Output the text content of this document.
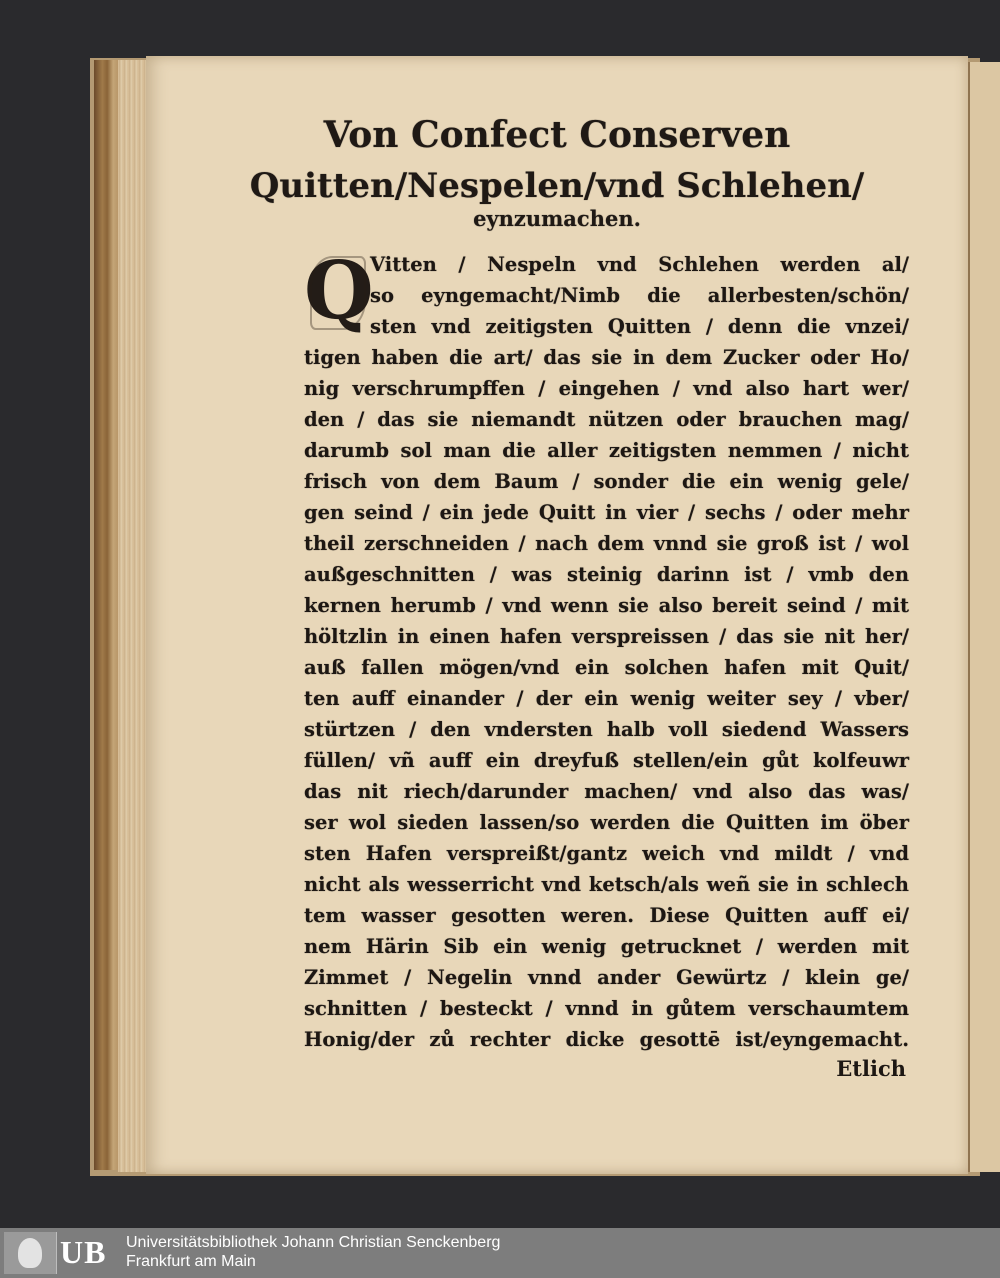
Von Confect Conserven
Quitten/Nespelen/vnd Schlehen/
eynzumachen.
Q
Vitten / Nespeln vnd Schlehen werden al/
so eyngemacht/Nimb die allerbesten/schön/
sten vnd zeitigsten Quitten / denn die vnzei/
tigen haben die art/ das sie in dem Zucker oder Ho/
nig verschrumpffen / eingehen / vnd also hart wer/
den / das sie niemandt nützen oder brauchen mag/
darumb sol man die aller zeitigsten nemmen / nicht
frisch von dem Baum / sonder die ein wenig gele/
gen seind / ein jede Quitt in vier / sechs / oder mehr
theil zerschneiden / nach dem vnnd sie groß ist / wol
außgeschnitten / was steinig darinn ist / vmb den
kernen herumb / vnd wenn sie also bereit seind / mit
höltzlin in einen hafen verspreissen / das sie nit her/
auß fallen mögen/vnd ein solchen hafen mit Quit/
ten auff einander / der ein wenig weiter sey / vber/
stürtzen / den vndersten halb voll siedend Wassers
füllen/ vñ auff ein dreyfuß stellen/ein gůt kolfeuwr
das nit riech/darunder machen/ vnd also das was/
ser wol sieden lassen/so werden die Quitten im öber
sten Hafen verspreißt/gantz weich vnd mildt / vnd
nicht als wesserricht vnd ketsch/als weñ sie in schlech
tem wasser gesotten weren. Diese Quitten auff ei/
nem Härin Sib ein wenig getrucknet / werden mit
Zimmet / Negelin vnnd ander Gewürtz / klein ge/
schnitten / besteckt / vnnd in gůtem verschaumtem
Honig/der zů rechter dicke gesottē ist/eyngemacht.
Etlich
UB Universitätsbibliothek Johann Christian Senckenberg
Frankfurt am Main
